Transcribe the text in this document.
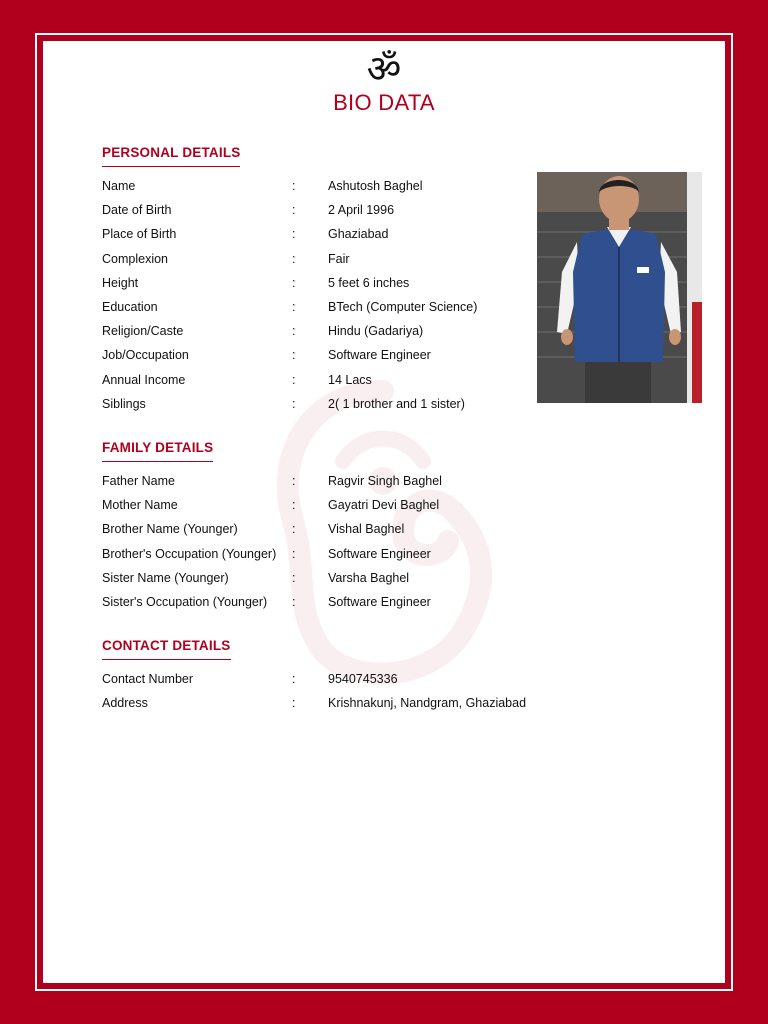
ॐ
BIO DATA
PERSONAL DETAILS
Name	:	Ashutosh Baghel
Date of Birth	:	2 April 1996
Place of Birth	:	Ghaziabad
Complexion	:	Fair
Height	:	5 feet 6 inches
Education	:	BTech (Computer Science)
Religion/Caste	:	Hindu (Gadariya)
Job/Occupation	:	Software Engineer
Annual Income	:	14 Lacs
Siblings	:	2( 1 brother and 1 sister)
FAMILY DETAILS
Father Name	:	Ragvir Singh Baghel
Mother Name	:	Gayatri Devi Baghel
Brother Name (Younger)	:	Vishal Baghel
Brother's Occupation (Younger) :	Software Engineer
Sister Name (Younger)	:	Varsha Baghel
Sister's Occupation (Younger) :	Software Engineer
CONTACT DETAILS
Contact Number	:	9540745336
Address	:	Krishnakunj, Nandgram, Ghaziabad
